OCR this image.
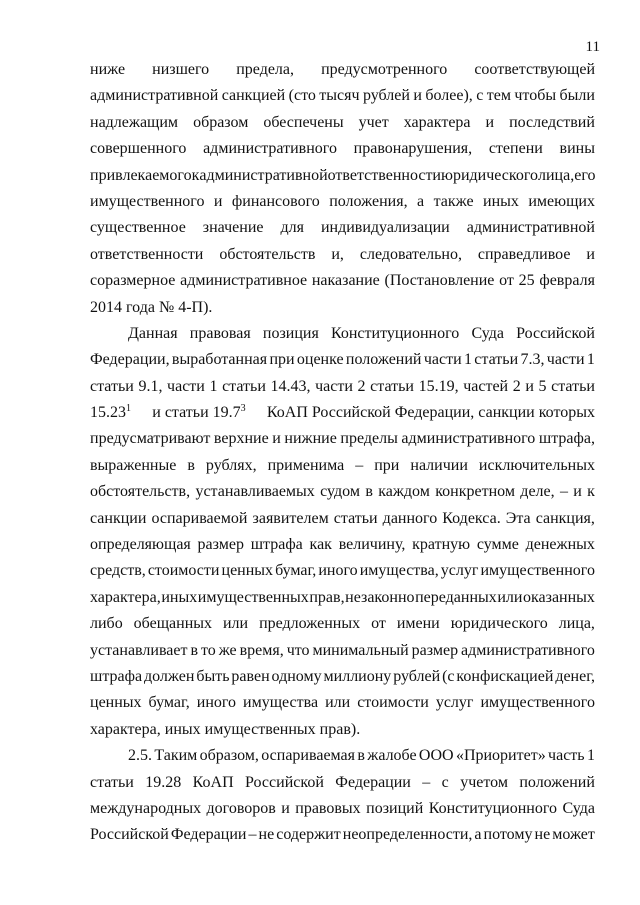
11
ниже низшего предела, предусмотренного соответствующей
административной санкцией (сто тысяч рублей и более), с тем чтобы были
надлежащим образом обеспечены учет характера и последствий
совершенного административного правонарушения, степени вины
привлекаемого к административной ответственности юридического лица, его
имущественного и финансового положения, а также иных имеющих
существенное значение для индивидуализации административной
ответственности обстоятельств и, следовательно, справедливое и
соразмерное административное наказание (Постановление от 25 февраля
2014 года № 4-П).
Данная правовая позиция Конституционного Суда Российской
Федерации, выработанная при оценке положений части 1 статьи 7.3, части 1
статьи 9.1, части 1 статьи 14.43, части 2 статьи 15.19, частей 2 и 5 статьи
15.23$^1$ и статьи 19.7$^3$ КоАП Российской Федерации, санкции которых
предусматривают верхние и нижние пределы административного штрафа,
выраженные в рублях, применима – при наличии исключительных
обстоятельств, устанавливаемых судом в каждом конкретном деле, – и к
санкции оспариваемой заявителем статьи данного Кодекса. Эта санкция,
определяющая размер штрафа как величину, кратную сумме денежных
средств, стоимости ценных бумаг, иного имущества, услуг имущественного
характера, иных имущественных прав, незаконно переданных или оказанных
либо обещанных или предложенных от имени юридического лица,
устанавливает в то же время, что минимальный размер административного
штрафа должен быть равен одному миллиону рублей (с конфискацией денег,
ценных бумаг, иного имущества или стоимости услуг имущественного
характера, иных имущественных прав).
2.5. Таким образом, оспариваемая в жалобе ООО «Приоритет» часть 1
статьи 19.28 КоАП Российской Федерации – с учетом положений
международных договоров и правовых позиций Конституционного Суда
Российской Федерации – не содержит неопределенности, а потому не может
